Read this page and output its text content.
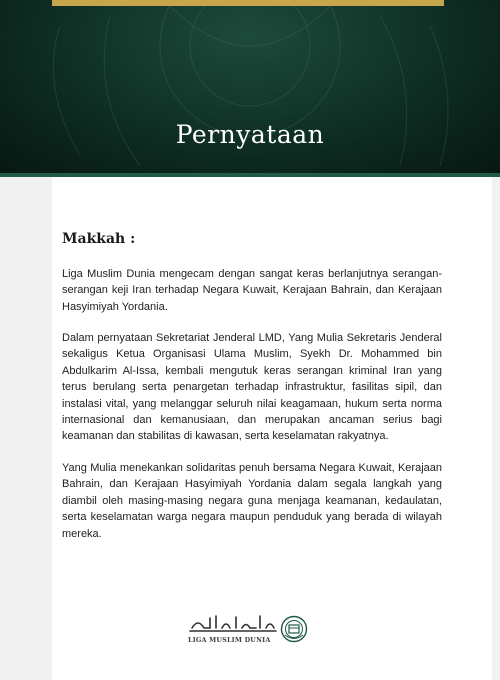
Pernyataan
Makkah :

Liga Muslim Dunia mengecam dengan sangat keras berlanjutnya serangan-serangan keji Iran terhadap Negara Kuwait, Kerajaan Bahrain, dan Kerajaan Hasyimiyah Yordania.

Dalam pernyataan Sekretariat Jenderal LMD, Yang Mulia Sekretaris Jenderal sekaligus Ketua Organisasi Ulama Muslim, Syekh Dr. Mohammed bin Abdulkarim Al-Issa, kembali mengutuk keras serangan kriminal Iran yang terus berulang serta penargetan terhadap infrastruktur, fasilitas sipil, dan instalasi vital, yang melanggar seluruh nilai keagamaan, hukum serta norma internasional dan kemanusiaan, dan merupakan ancaman serius bagi keamanan dan stabilitas di kawasan, serta keselamatan rakyatnya.

Yang Mulia menekankan solidaritas penuh bersama Negara Kuwait, Kerajaan Bahrain, dan Kerajaan Hasyimiyah Yordania dalam segala langkah yang diambil oleh masing-masing negara guna menjaga keamanan, kedaulatan, serta keselamatan warga negara maupun penduduk yang berada di wilayah mereka.

LIGA MUSLIM DUNIA
